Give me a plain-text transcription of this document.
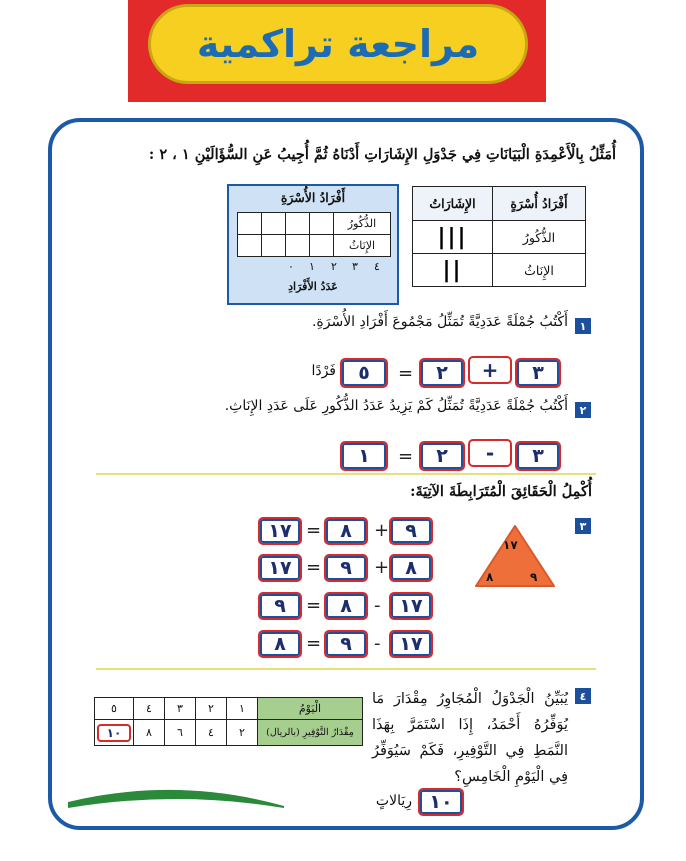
مراجعة تراكمية
أُمَثِّلُ بِالْأَعْمِدَةِ الْبَيَانَاتِ فِي جَدْوَلِ الإِشَارَاتِ أَدْنَاهُ ثُمَّ أُجِيبُ عَنِ السُّؤَالَيْنِ ١ ، ٢ :
أَفْرَادُ أُسْرَةٍ	الإِشَارَاتُ
الذُّكُورُ	|||
الإِنَاثُ	||
أَفْرَادُ الأُسْرَةِ
				الذُّكُورُ
				الإِنَاثُ
٠ ١ ٢ ٣ ٤
عَدَدُ الأَفْرَادِ
١
أَكْتُبُ جُمْلَةً عَدَدِيَّةً تُمَثِّلُ مَجْمُوعَ أَفْرَادِ الأُسْرَةِ.
٣
+
٢
=
٥
فَرْدًا
٢
أَكْتُبُ جُمْلَةً عَدَدِيَّةً تُمَثِّلُ كَمْ يَزِيدُ عَدَدُ الذُّكُورِ عَلَى عَدَدِ الإِنَاثِ.
٣
-
٢
=
١
أُكْمِلُ الْحَقَائِقَ الْمُتَرَابِطَةَ الآتِيَةَ:
٣
١٧
٨	٩
٩
+
٨
=
١٧
٨
+
٩
=
١٧
١٧
-
٨
=
٩
١٧
-
٩
=
٨
٤
يُبَيِّنُ الْجَدْوَلُ الْمُجَاوِرُ مِقْدَارَ مَا يُوَفِّرُهُ أَحْمَدُ، إِذَا اسْتَمَرَّ بِهَذَا النَّمَطِ فِي التَّوْفِيرِ، فَكَمْ سَيُوَفِّرُ فِي الْيَوْمِ الْخَامِسِ؟
الْيَوْمُ	١	٢	٣	٤	٥
مِقْدَارُ التَّوْفِيرِ (بالريال)	٢	٤	٦	٨	١٠
١٠
رِيَالاتٍ
